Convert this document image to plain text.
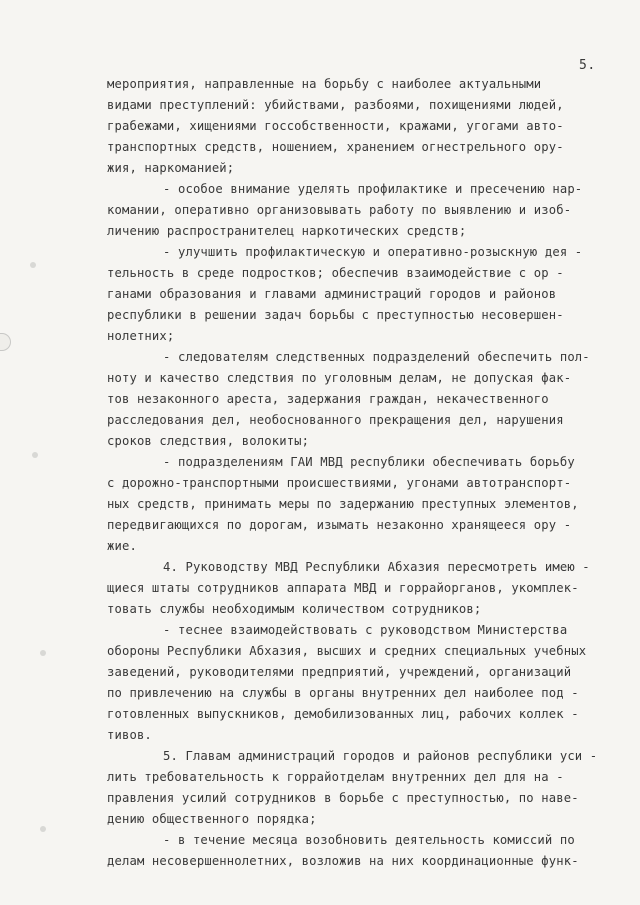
5.
мероприятия, направленные на борьбу с наиболее актуальными
видами преступлений: убийствами, разбоями, похищениями людей,
грабежами, хищениями госсобственности, кражами, угогами авто-
транспортных средств, ношением, хранением огнестрельного ору-
жия, наркоманией;
- особое внимание уделять профилактике и пресечению нар-
комании, оперативно организовывать работу по выявлению и изоб-
личению распространителец наркотических средств;
- улучшить профилактическую и оперативно-розыскную дея -
тельность в среде подростков; обеспечив взаимодействие с ор -
ганами образования и главами администраций городов и районов
республики в решении задач борьбы с преступностью несовершен-
нолетних;
- следователям следственных подразделений обеспечить пол-
ноту и качество следствия по уголовным делам, не допуская фак-
тов незаконного ареста, задержания граждан, некачественного
расследования дел, необоснованного прекращения дел, нарушения
сроков следствия, волокиты;
- подразделениям ГАИ МВД республики обеспечивать борьбу
с дорожно-транспортными происшествиями, угонами автотранспорт-
ных средств, принимать меры по задержанию преступных элементов,
передвигающихся по дорогам, изымать незаконно хранящееся ору -
жие.
4. Руководству МВД Республики Абхазия пересмотреть имею -
щиеся штаты сотрудников аппарата МВД и горрайорганов, укомплек-
товать службы необходимым количеством сотрудников;
- теснее взаимодействовать с руководством Министерства
обороны Республики Абхазия, высших и средних специальных учебных
заведений, руководителями предприятий, учреждений, организаций
по привлечению на службы в органы внутренних дел наиболее под -
готовленных выпускников, демобилизованных лиц, рабочих коллек -
тивов.
5. Главам администраций городов и районов республики уси -
лить требовательность к горрайотделам внутренних дел для на -
правления усилий сотрудников в борьбе с преступностью, по наве-
дению общественного порядка;
- в течение месяца возобновить деятельность комиссий по
делам несовершеннолетних, возложив на них координационные функ-
